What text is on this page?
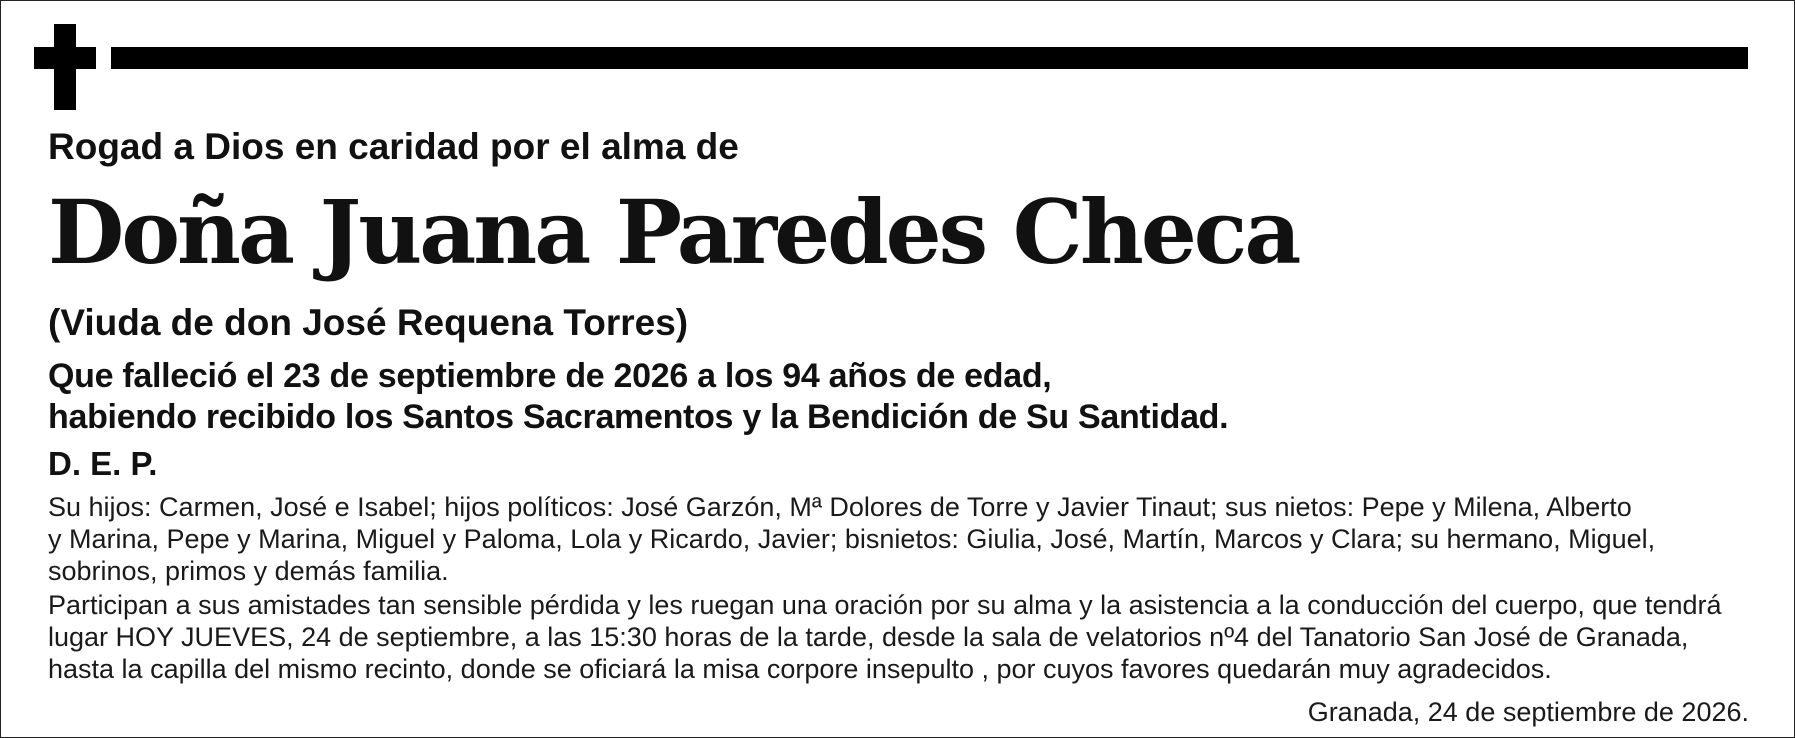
Rogad a Dios en caridad por el alma de
Doña Juana Paredes Checa
(Viuda de don José Requena Torres)
Que falleció el 23 de septiembre de 2026 a los 94 años de edad,
habiendo recibido los Santos Sacramentos y la Bendición de Su Santidad.
D. E. P.
Su hijos: Carmen, José e Isabel; hijos políticos: José Garzón, Mª Dolores de Torre y Javier Tinaut; sus nietos: Pepe y Milena, Alberto
y Marina, Pepe y Marina, Miguel y Paloma, Lola y Ricardo, Javier; bisnietos: Giulia, José, Martín, Marcos y Clara; su hermano, Miguel,
sobrinos, primos y demás familia.
Participan a sus amistades tan sensible pérdida y les ruegan una oración por su alma y la asistencia a la conducción del cuerpo, que tendrá
lugar HOY JUEVES, 24 de septiembre, a las 15:30 horas de la tarde, desde la sala de velatorios nº4 del Tanatorio San José de Granada,
hasta la capilla del mismo recinto, donde se oficiará la misa corpore insepulto , por cuyos favores quedarán muy agradecidos.
Granada, 24 de septiembre de 2026.
